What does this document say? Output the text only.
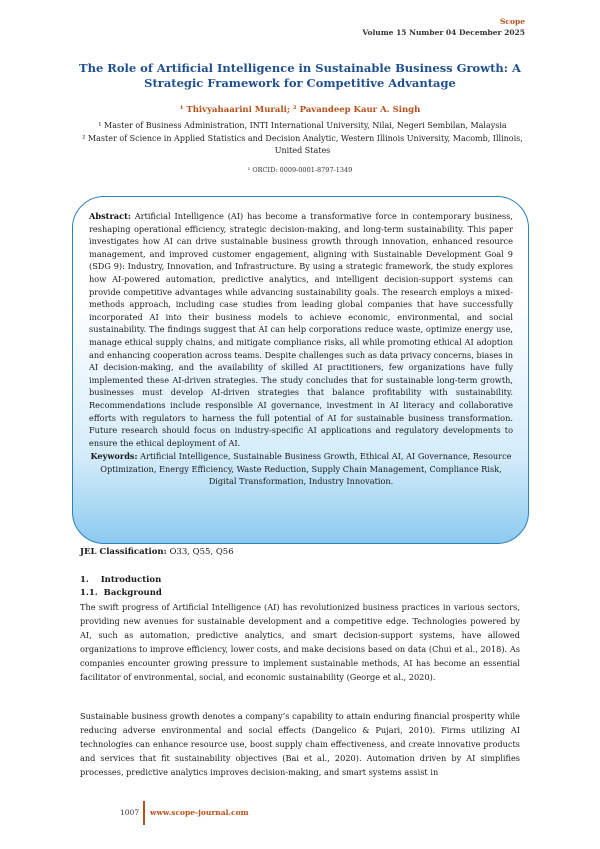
Scope
Volume 15 Number 04 December 2025
The Role of Artificial Intelligence in Sustainable Business Growth: A Strategic Framework for Competitive Advantage
¹ Thivyahaarini Murali; ² Pavandeep Kaur A. Singh
¹ Master of Business Administration, INTI International University, Nilai, Negeri Sembilan, Malaysia
² Master of Science in Applied Statistics and Decision Analytic, Western Illinois University, Macomb, Illinois, United States
¹ ORCID: 0009-0001-8797-1349
Abstract: Artificial Intelligence (AI) has become a transformative force in contemporary business, reshaping operational efficiency, strategic decision-making, and long-term sustainability. This paper investigates how AI can drive sustainable business growth through innovation, enhanced resource management, and improved customer engagement, aligning with Sustainable Development Goal 9 (SDG 9): Industry, Innovation, and Infrastructure. By using a strategic framework, the study explores how AI-powered automation, predictive analytics, and intelligent decision-support systems can provide competitive advantages while advancing sustainability goals. The research employs a mixed-methods approach, including case studies from leading global companies that have successfully incorporated AI into their business models to achieve economic, environmental, and social sustainability. The findings suggest that AI can help corporations reduce waste, optimize energy use, manage ethical supply chains, and mitigate compliance risks, all while promoting ethical AI adoption and enhancing cooperation across teams. Despite challenges such as data privacy concerns, biases in AI decision-making, and the availability of skilled AI practitioners, few organizations have fully implemented these AI-driven strategies. The study concludes that for sustainable long-term growth, businesses must develop AI-driven strategies that balance profitability with sustainability. Recommendations include responsible AI governance, investment in AI literacy and collaborative efforts with regulators to harness the full potential of AI for sustainable business transformation. Future research should focus on industry-specific AI applications and regulatory developments to ensure the ethical deployment of AI.
Keywords: Artificial Intelligence, Sustainable Business Growth, Ethical AI, AI Governance, Resource Optimization, Energy Efficiency, Waste Reduction, Supply Chain Management, Compliance Risk, Digital Transformation, Industry Innovation.
JEL Classification: O33, Q55, Q56
1.    Introduction
1.1.  Background
The swift progress of Artificial Intelligence (AI) has revolutionized business practices in various sectors, providing new avenues for sustainable development and a competitive edge. Technologies powered by AI, such as automation, predictive analytics, and smart decision-support systems, have allowed organizations to improve efficiency, lower costs, and make decisions based on data (Chui et al., 2018). As companies encounter growing pressure to implement sustainable methods, AI has become an essential facilitator of environmental, social, and economic sustainability (George et al., 2020).
Sustainable business growth denotes a company’s capability to attain enduring financial prosperity while reducing adverse environmental and social effects (Dangelico & Pujari, 2010). Firms utilizing AI technologies can enhance resource use, boost supply chain effectiveness, and create innovative products and services that fit sustainability objectives (Bai et al., 2020). Automation driven by AI simplifies processes, predictive analytics improves decision-making, and smart systems assist in
1007 www.scope-journal.com
